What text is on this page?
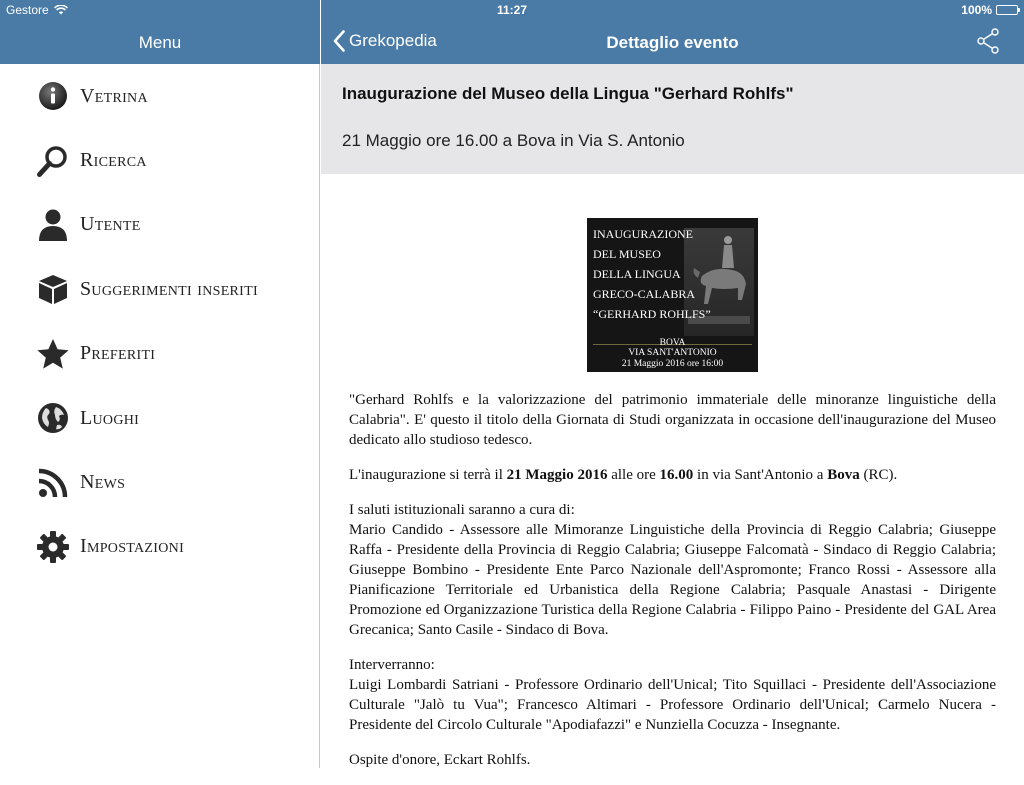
Gestore	11:27	100%
Menu
Vetrina
Ricerca
Utente
Suggerimenti inseriti
Preferiti
Luoghi
News
Impostazioni
Grekopedia	Dettaglio evento
Inaugurazione del Museo della Lingua "Gerhard Rohlfs"
21 Maggio ore 16.00 a Bova in Via S. Antonio
INAUGURAZIONE
DEL MUSEO
DELLA LINGUA
GRECO-CALABRA
“GERHARD ROHLFS”
BOVA
VIA SANT'ANTONIO
21 Maggio 2016 ore 16:00

"Gerhard Rohlfs e la valorizzazione del patrimonio immateriale delle minoranze linguistiche della Calabria". E' questo il titolo della Giornata di Studi organizzata in occasione dell'inaugurazione del Museo dedicato allo studioso tedesco.

L'inaugurazione si terrà il 21 Maggio 2016 alle ore 16.00 in via Sant'Antonio a Bova (RC).

I saluti istituzionali saranno a cura di:
Mario Candido - Assessore alle Mimoranze Linguistiche della Provincia di Reggio Calabria; Giuseppe Raffa - Presidente della Provincia di Reggio Calabria; Giuseppe Falcomatà - Sindaco di Reggio Calabria; Giuseppe Bombino - Presidente Ente Parco Nazionale dell'Aspromonte; Franco Rossi - Assessore alla Pianificazione Territoriale ed Urbanistica della Regione Calabria; Pasquale Anastasi - Dirigente Promozione ed Organizzazione Turistica della Regione Calabria - Filippo Paino - Presidente del GAL Area Grecanica; Santo Casile - Sindaco di Bova.

Interverranno:
Luigi Lombardi Satriani - Professore Ordinario dell'Unical; Tito Squillaci - Presidente dell'Associazione Culturale "Jalò tu Vua"; Francesco Altimari - Professore Ordinario dell'Unical; Carmelo Nucera - Presidente del Circolo Culturale "Apodiafazzi" e Nunziella Cocuzza - Insegnante.

Ospite d'onore, Eckart Rohlfs.
